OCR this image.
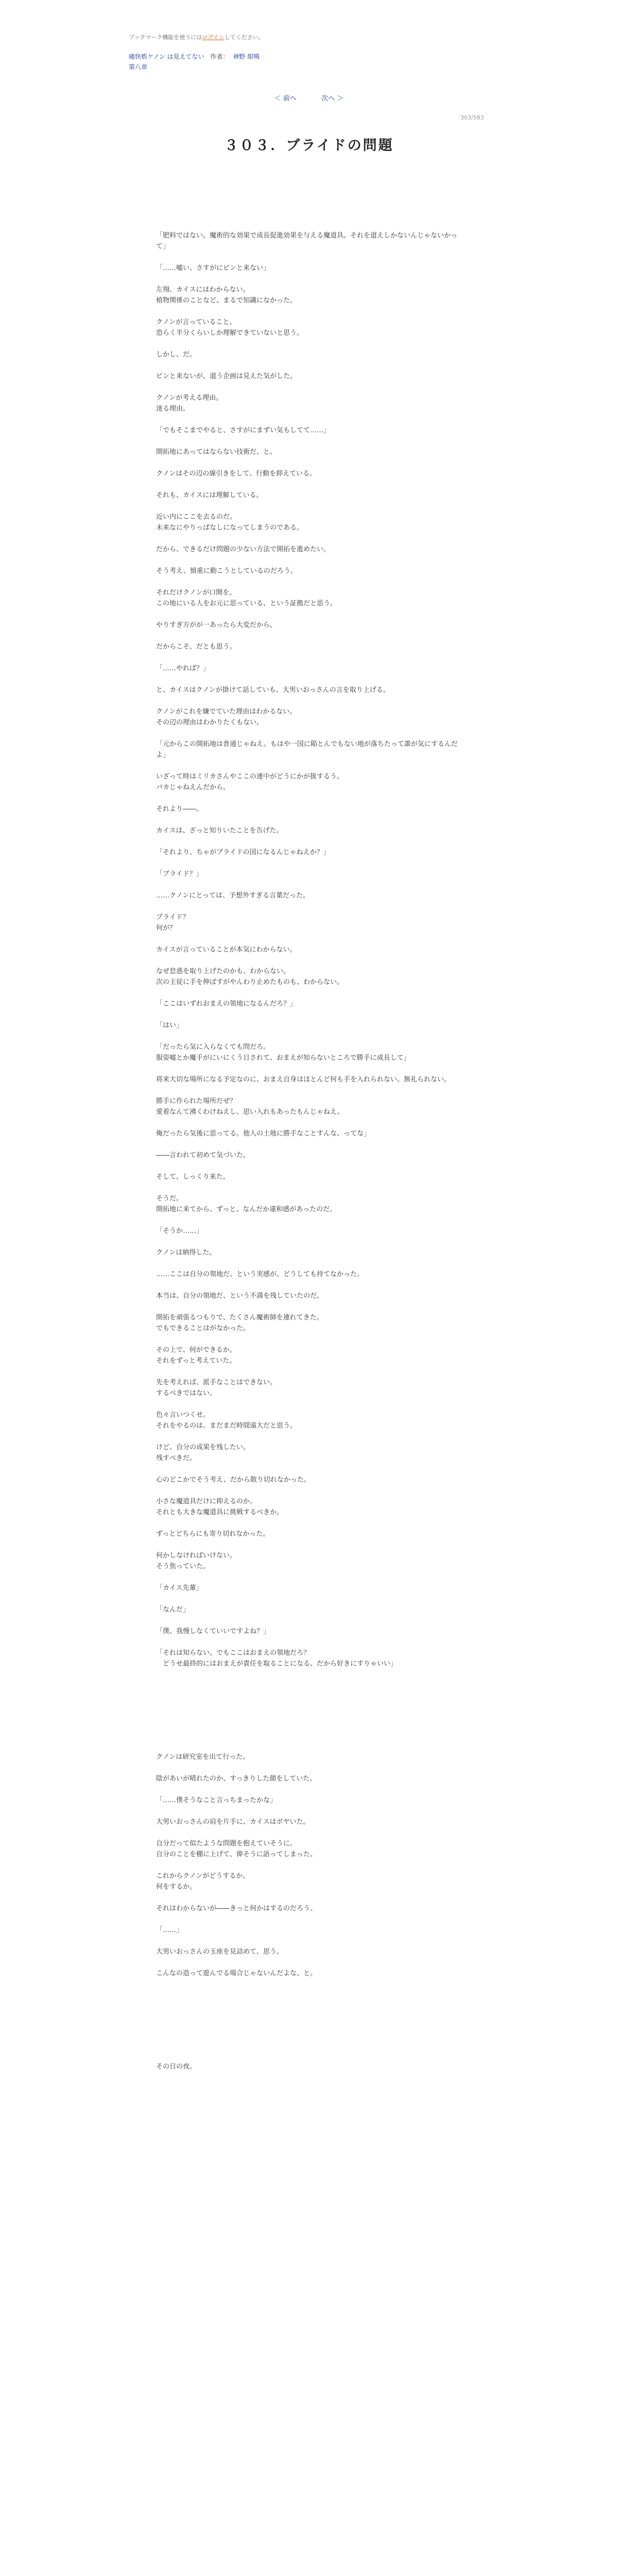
ブックマーク機能を使うにはログインしてください。
痛快娯ケノン は見えてない 作者： 神野 紺鳴
第八章
＜ 前へ	次へ ＞
303/583
３０３．ブライドの問題

「肥料ではない。魔術的な効果で成長促進効果を与える魔道具。それを道えしかないんじゃないかって」

「……嘘い、さすがにピンと来ない」

左翔、カイスにはわからない。
植物関係のことなど、まるで知識になかった。

クノンが言っていること。
恐らく半分くらいしか理解できていないと思う。

しかし、だ。

ピンと来ないが、道う企画は見えた気がした。

クノンが考える理由。
迷る理由。

「でもそこまでやると、さすがにまずい気もしてて……」

開拓地にあってはならない技術だ、と。

クノンはその辺の線引きをして、行動を抑えている。

それも、カイスには理解している。

近い内にここを去るのだ。
未来なにやりっぱなしになってしまうのである。

だから、できるだけ問題の少ない方法で開拓を進めたい。

そう考え、慎重に動こうとしているのだろう。

それだけクノンが口開を。
この地にいる人をお元に思っている、という証拠だと思う。

やりすぎ方がが一あったら大変だから。

だからこそ、だとも思う。

「……やれば？」

と、カイスはクノンが掛けて話していも、大男いおっさんの言を取り上げる。

クノンがこれを嫌でていた理由はわかるない。
その辺の理由はわかりたくもない。

「元からこの開拓地は普通じゃねえ。もはや一国に陥とんでもない地が落ちたって誰が気にするんだよ」

いざって時はミリカさんやここの連中がどうにかが扱するう。
バカじゃねえんだから。

それより――。

カイスは、ざっと知りいたことを告げた。

「それより、ちゃがブライドの国になるんじゃねえか？」

「ブライド？」

……クノンにとっては、予想外すぎる言葉だった。

ブライド？
何が？

カイスが言っていることが本気にわからない。

なぜ怠惑を取り上げたのかも、わからない。
次の主従に手を伸ばすがやんわり止めたものも、わからない。

「ここはいずれおまえの領地になるんだろ？」

「はい」

「だったら気に入らなくても問だろ。
服姿嘘とか魔手がにいにくう日されて、おまえが知らないところで勝手に成長して」

将来大切な場所になる予定なのに、おまえ自身はほとんど何も手を入れられない。無礼られない。

勝手に作られた場所だぜ？
愛着なんて沸くわけねえし、思い入れもあったもんじゃねえ。

俺だったら気後に思ってる。他人の土地に勝手なことすんな、ってな」

――言われて初めて気づいた。

そして、しっくり来た。

そうだ。
開拓地に来てから、ずっと、なんだか違和感があったのだ。

「そうか……」

クノンは納得した。

……ここは自分の領地だ、という実感が、どうしても持てなかった。

本当は、自分の領地だ、という不満を残していたのだ。

開拓を頑張るつもりで、たくさん魔術師を連れてきた。
でもできることはがなかった。

その上で、何ができるか。
それをずっと考えていた。

先を考えれば、派手なことはできない。
するべきではない。

色々言いつくせ。
それをやるのは、まだまだ時間遠大だと思う。

けど、自分の成果を残したい。
残すべきだ。

心のどこかでそう考え、だから散り切れなかった。

小さな魔道具だけに抑えるのか。
それとも大きな魔道具に挑戦するべきか。

ずっとどちらにも寄り切れなかった。

何かしなければいけない。
そう焦っていた。

「カイス先輩」

「なんだ」

「僕、我慢しなくていいですよね？」

「それは知らない。でもここはおまえの領地だろ？
　どうせ最終的にはおまえが責任を取ることになる。だから好きにすりゃいい」

クノンは研究室を出て行った。

陰があいが晴れたのか、すっきりした顔をしていた。

「……僕そうなこと言っちまったかな」

大男いおっさんの肩を片手に、カイスはボヤいた。

自分だって似たような問題を抱えていそうに。
自分のことを棚に上げて、偉そうに語ってしまった。

これからクノンがどうするか。
何をするか。

それはわからないが――きっと何かはするのだろう。

「……」

大男いおっさんの玉座を見詰めて、思う。

こんなの造って遊んでる場合じゃないんだよな、と。

その日の夜。
